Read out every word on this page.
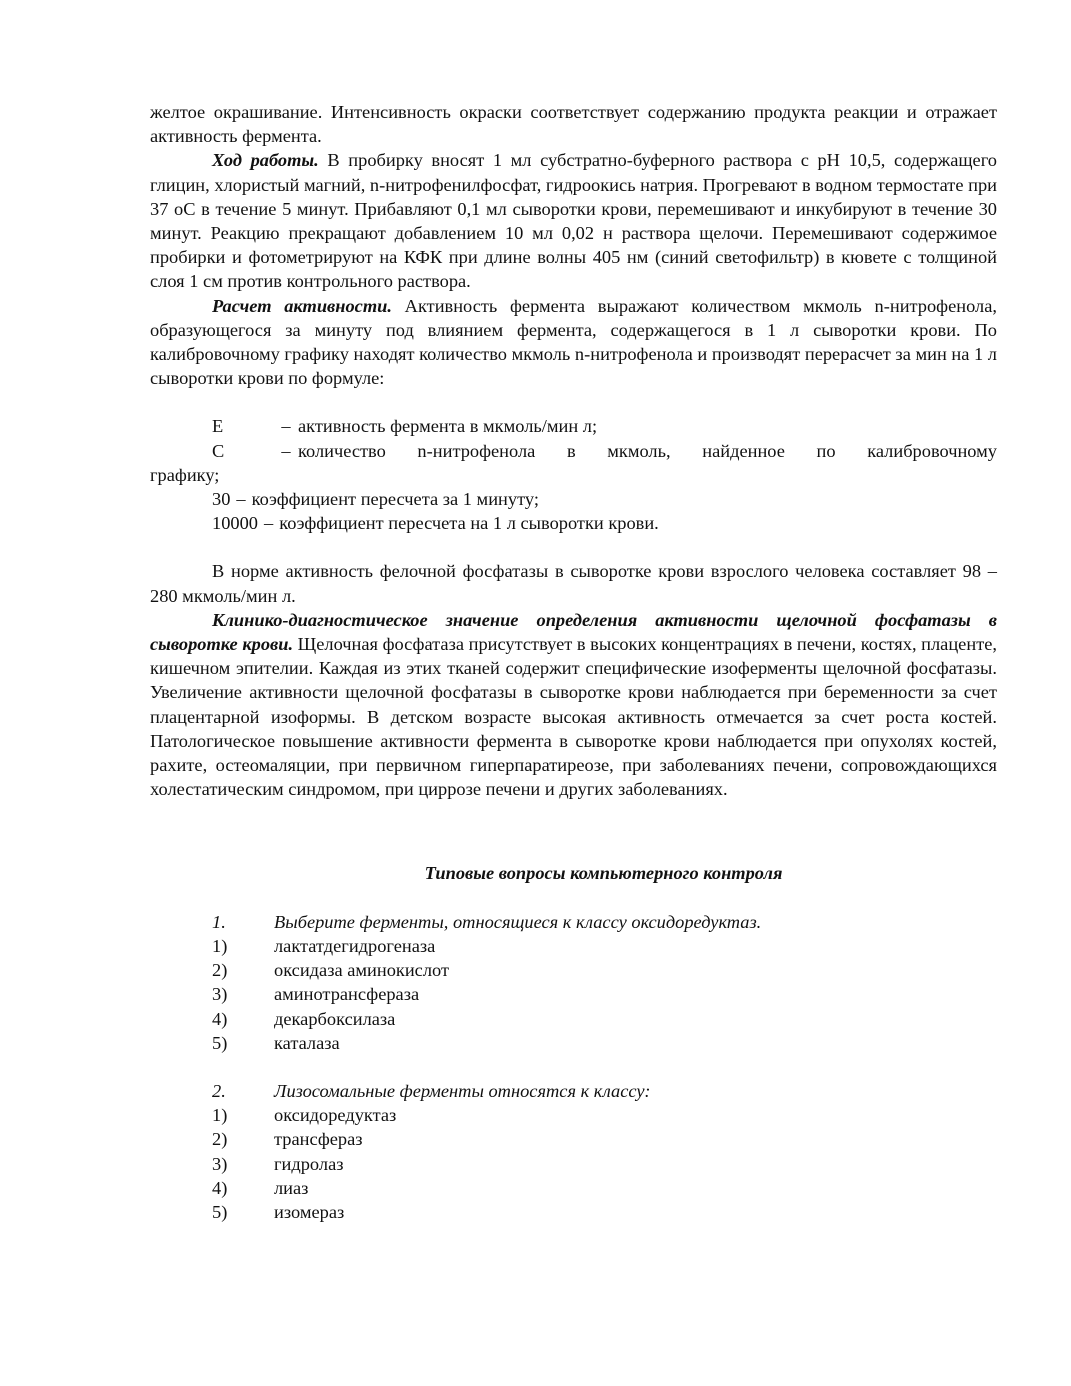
желтое окрашивание. Интенсивность окраски соответствует содержанию продукта реакции и отражает активность фермента.

Ход работы. В пробирку вносят 1 мл субстратно-буферного раствора с pH 10,5, содержащего глицин, хлористый магний, n-нитрофенилфосфат, гидроокись натрия. Прогревают в водном термостате при 37 оС в течение 5 минут. Прибавляют 0,1 мл сыворотки крови, перемешивают и инкубируют в течение 30 минут. Реакцию прекращают добавлением 10 мл 0,02 н раствора щелочи. Перемешивают содержимое пробирки и фотометрируют на КФК при длине волны 405 нм (синий светофильтр) в кювете с толщиной слоя 1 см против контрольного раствора.

Расчет активности. Активность фермента выражают количеством мкмоль n-нитрофенола, образующегося за минуту под влиянием фермента, содержащегося в 1 л сыворотки крови. По калибровочному графику находят количество мкмоль n-нитрофенола и производят перерасчет за мин на 1 л сыворотки крови по формуле:

Е	– активность фермента в мкмоль/мин л;
С	– количество n-нитрофенола в мкмоль, найденное по калибровочному

графику;

30 – коэффициент пересчета за 1 минуту;

10000 – коэффициент пересчета на 1 л сыворотки крови.

В норме активность фелочной фосфатазы в сыворотке крови взрослого человека составляет 98 – 280 мкмоль/мин л.

Клинико-диагностическое значение определения активности щелочной фосфатазы в сыворотке крови. Щелочная фосфатаза присутствует в высоких концентрациях в печени, костях, плаценте, кишечном эпителии. Каждая из этих тканей содержит специфические изоферменты щелочной фосфатазы. Увеличение активности щелочной фосфатазы в сыворотке крови наблюдается при беременности за счет плацентарной изоформы. В детском возрасте высокая активность отмечается за счет роста костей. Патологическое повышение активности фермента в сыворотке крови наблюдается при опухолях костей, рахите, остеомаляции, при первичном гиперпаратиреозе, при заболеваниях печени, сопровождающихся холестатическим синдромом, при циррозе печени и других заболеваниях.

Типовые вопросы компьютерного контроля

1.	Выберите ферменты, относящиеся к классу оксидоредуктаз.
1)	лактатдегидрогеназа
2)	оксидаза аминокислот
3)	аминотрансфераза
4)	декарбоксилаза
5)	каталаза
2.	Лизосомальные ферменты относятся к классу:
1)	оксидоредуктаз
2)	трансфераз
3)	гидролаз
4)	лиаз
5)	изомераз
